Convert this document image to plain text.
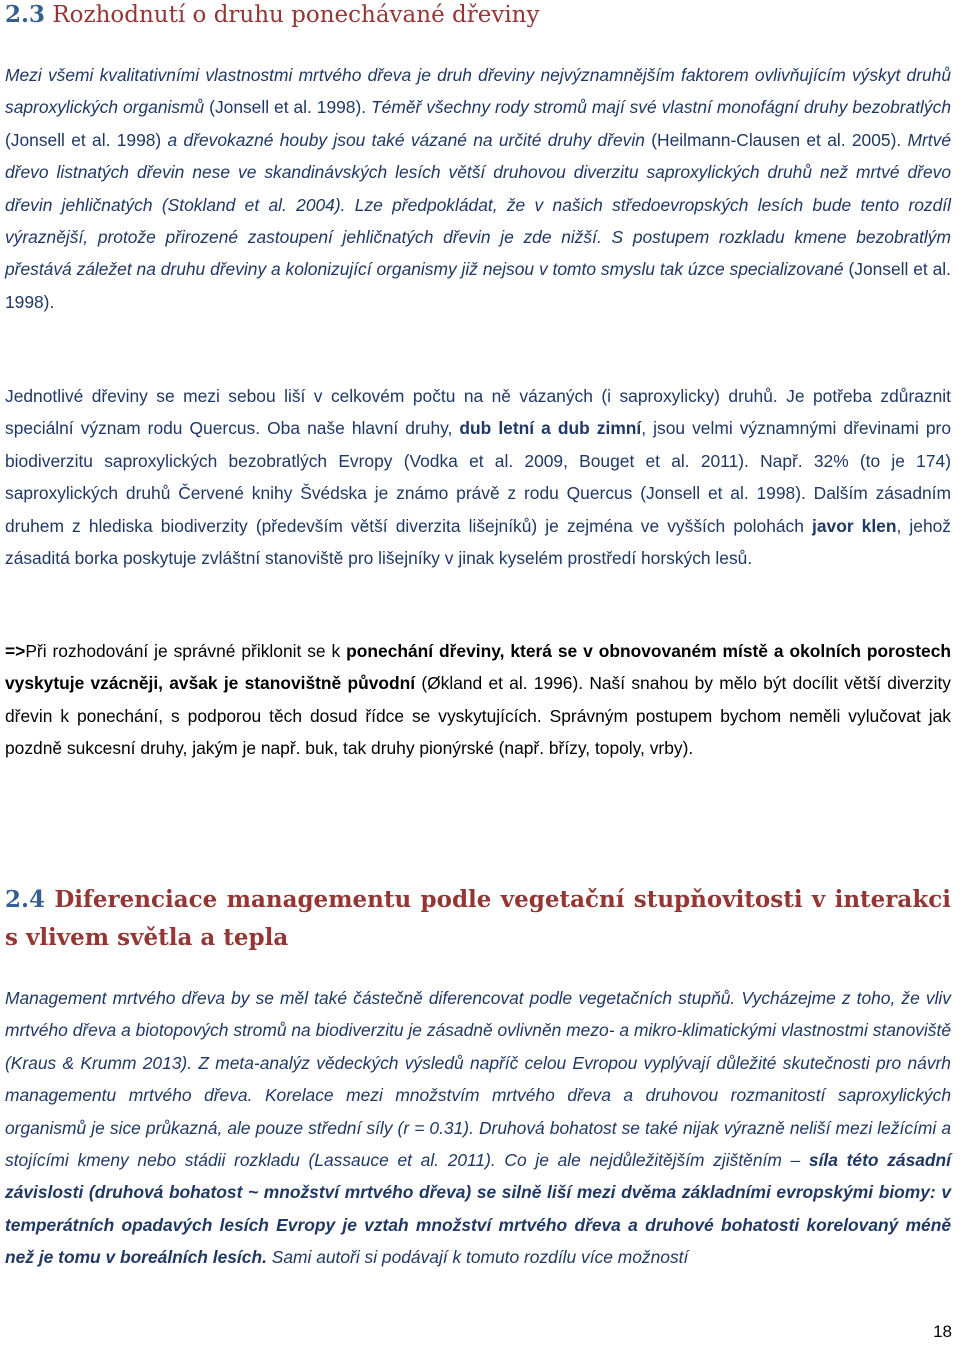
2.3 Rozhodnutí o druhu ponechávané dřeviny

Mezi všemi kvalitativními vlastnostmi mrtvého dřeva je druh dřeviny nejvýznamnějším faktorem ovlivňujícím výskyt druhů saproxylických organismů (Jonsell et al. 1998). Téměř všechny rody stromů mají své vlastní monofágní druhy bezobratlých (Jonsell et al. 1998) a dřevokazné houby jsou také vázané na určité druhy dřevin (Heilmann-Clausen et al. 2005). Mrtvé dřevo listnatých dřevin nese ve skandinávských lesích větší druhovou diverzitu saproxylických druhů než mrtvé dřevo dřevin jehličnatých (Stokland et al. 2004). Lze předpokládat, že v našich středoevropských lesích bude tento rozdíl výraznější, protože přirozené zastoupení jehličnatých dřevin je zde nižší. S postupem rozkladu kmene bezobratlým přestává záležet na druhu dřeviny a kolonizující organismy již nejsou v tomto smyslu tak úzce specializované (Jonsell et al. 1998).

Jednotlivé dřeviny se mezi sebou liší v celkovém počtu na ně vázaných (i saproxylicky) druhů. Je potřeba zdůraznit speciální význam rodu Quercus. Oba naše hlavní druhy, dub letní a dub zimní, jsou velmi významnými dřevinami pro biodiverzitu saproxylických bezobratlých Evropy (Vodka et al. 2009, Bouget et al. 2011). Např. 32% (to je 174) saproxylických druhů Červené knihy Švédska je známo právě z rodu Quercus (Jonsell et al. 1998). Dalším zásadním druhem z hlediska biodiverzity (především větší diverzita lišejníků) je zejména ve vyšších polohách javor klen, jehož zásaditá borka poskytuje zvláštní stanoviště pro lišejníky v jinak kyselém prostředí horských lesů.

=>Při rozhodování je správné přiklonit se k ponechání dřeviny, která se v obnovovaném místě a okolních porostech vyskytuje vzácněji, avšak je stanovištně původní (Økland et al. 1996). Naší snahou by mělo být docílit větší diverzity dřevin k ponechání, s podporou těch dosud řídce se vyskytujících. Správným postupem bychom neměli vylučovat jak pozdně sukcesní druhy, jakým je např. buk, tak druhy pionýrské (např. břízy, topoly, vrby).

2.4 Diferenciace managementu podle vegetační stupňovitosti v interakci s vlivem světla a tepla

Management mrtvého dřeva by se měl také částečně diferencovat podle vegetačních stupňů. Vycházejme z toho, že vliv mrtvého dřeva a biotopových stromů na biodiverzitu je zásadně ovlivněn mezo- a mikro-klimatickými vlastnostmi stanoviště (Kraus & Krumm 2013). Z meta-analýz vědeckých výsledů napříč celou Evropou vyplývají důležité skutečnosti pro návrh managementu mrtvého dřeva. Korelace mezi množstvím mrtvého dřeva a druhovou rozmanitostí saproxylických organismů je sice průkazná, ale pouze střední síly (r = 0.31). Druhová bohatost se také nijak výrazně neliší mezi ležícími a stojícími kmeny nebo stádii rozkladu (Lassauce et al. 2011). Co je ale nejdůležitějším zjištěním – síla této zásadní závislosti (druhová bohatost ~ množství mrtvého dřeva) se silně liší mezi dvěma základními evropskými biomy: v temperátních opadavých lesích Evropy je vztah množství mrtvého dřeva a druhové bohatosti korelovaný méně než je tomu v boreálních lesích. Sami autoři si podávají k tomuto rozdílu více možností

18
